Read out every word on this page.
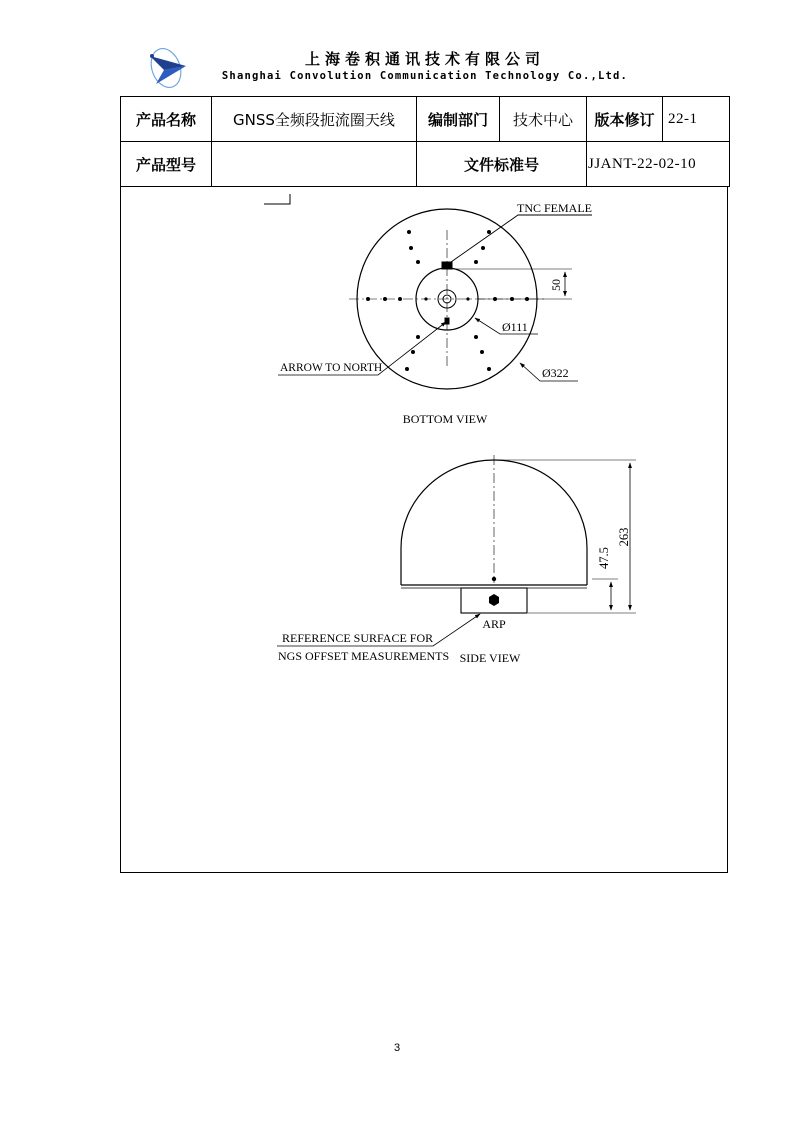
上海卷积通讯技术有限公司
Shanghai Convolution Communication Technology Co.,Ltd.
产品名称	GNSS全频段扼流圈天线	编制部门	技术中心	版本修订	22-1
产品型号		文件标准号		JJANT-22-02-10	
TNC FEMALE
50
Ø111
Ø322
ARROW TO NORTH
BOTTOM VIEW
263
47.5
ARP
REFERENCE SURFACE FOR
NGS OFFSET MEASUREMENTS SIDE VIEW
3
